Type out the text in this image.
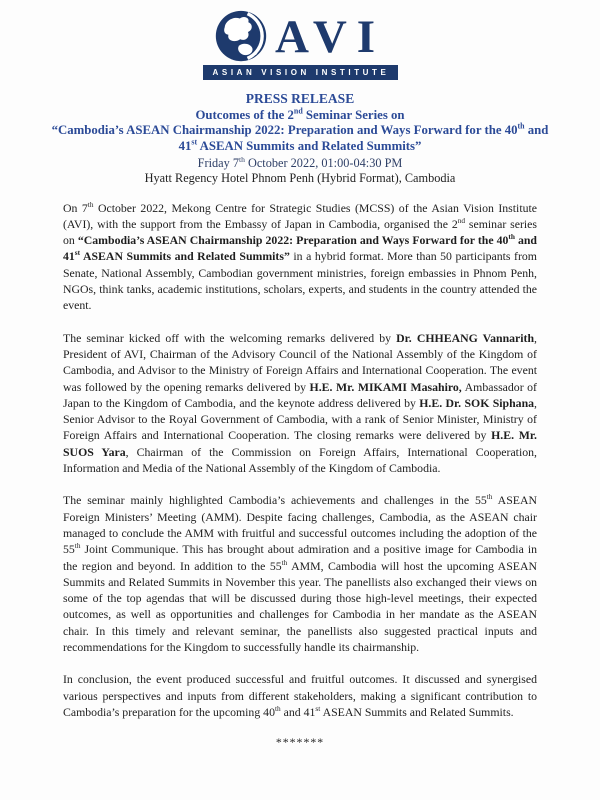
AVI
ASIAN VISION INSTITUTE
PRESS RELEASE
Outcomes of the 2nd Seminar Series on
“Cambodia’s ASEAN Chairmanship 2022: Preparation and Ways Forward for the 40th and 41st ASEAN Summits and Related Summits”
Friday 7th October 2022, 01:00-04:30 PM
Hyatt Regency Hotel Phnom Penh (Hybrid Format), Cambodia

On 7th October 2022, Mekong Centre for Strategic Studies (MCSS) of the Asian Vision Institute (AVI), with the support from the Embassy of Japan in Cambodia, organised the 2nd seminar series on “Cambodia’s ASEAN Chairmanship 2022: Preparation and Ways Forward for the 40th and 41st ASEAN Summits and Related Summits” in a hybrid format. More than 50 participants from Senate, National Assembly, Cambodian government ministries, foreign embassies in Phnom Penh, NGOs, think tanks, academic institutions, scholars, experts, and students in the country attended the event.

The seminar kicked off with the welcoming remarks delivered by Dr. CHHEANG Vannarith, President of AVI, Chairman of the Advisory Council of the National Assembly of the Kingdom of Cambodia, and Advisor to the Ministry of Foreign Affairs and International Cooperation. The event was followed by the opening remarks delivered by H.E. Mr. MIKAMI Masahiro, Ambassador of Japan to the Kingdom of Cambodia, and the keynote address delivered by H.E. Dr. SOK Siphana, Senior Advisor to the Royal Government of Cambodia, with a rank of Senior Minister, Ministry of Foreign Affairs and International Cooperation. The closing remarks were delivered by H.E. Mr. SUOS Yara, Chairman of the Commission on Foreign Affairs, International Cooperation, Information and Media of the National Assembly of the Kingdom of Cambodia.

The seminar mainly highlighted Cambodia’s achievements and challenges in the 55th ASEAN Foreign Ministers’ Meeting (AMM). Despite facing challenges, Cambodia, as the ASEAN chair managed to conclude the AMM with fruitful and successful outcomes including the adoption of the 55th Joint Communique. This has brought about admiration and a positive image for Cambodia in the region and beyond. In addition to the 55th AMM, Cambodia will host the upcoming ASEAN Summits and Related Summits in November this year. The panellists also exchanged their views on some of the top agendas that will be discussed during those high-level meetings, their expected outcomes, as well as opportunities and challenges for Cambodia in her mandate as the ASEAN chair. In this timely and relevant seminar, the panellists also suggested practical inputs and recommendations for the Kingdom to successfully handle its chairmanship.

In conclusion, the event produced successful and fruitful outcomes. It discussed and synergised various perspectives and inputs from different stakeholders, making a significant contribution to Cambodia’s preparation for the upcoming 40th and 41st ASEAN Summits and Related Summits.

*******
